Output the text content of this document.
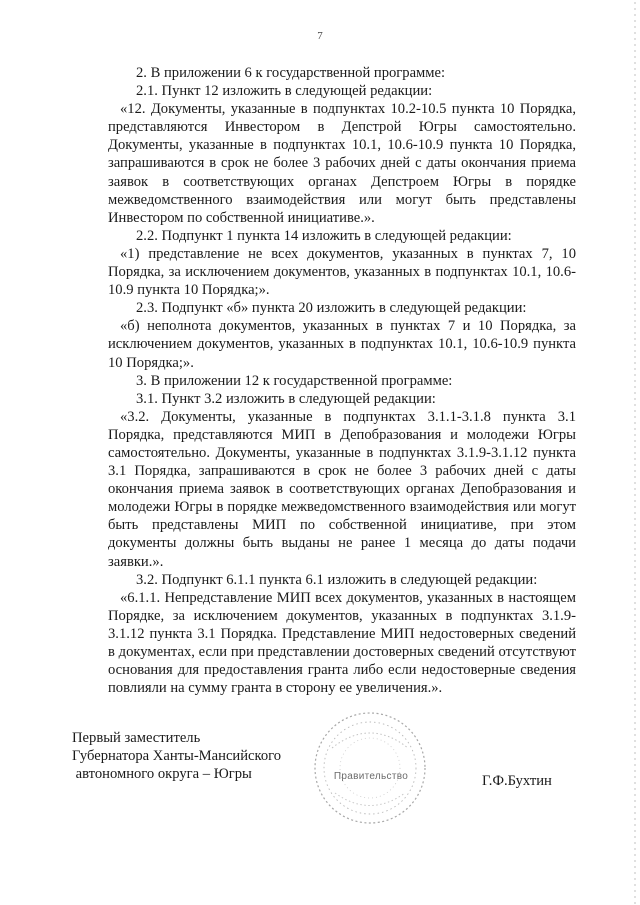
7

2. В приложении 6 к государственной программе:

2.1. Пункт 12 изложить в следующей редакции:

«12. Документы, указанные в подпунктах 10.2-10.5 пункта 10 Порядка, представляются Инвестором в Депстрой Югры самостоятельно. Документы, указанные в подпунктах 10.1, 10.6-10.9 пункта 10 Порядка, запрашиваются в срок не более 3 рабочих дней с даты окончания приема заявок в соответствующих органах Депстроем Югры в порядке межведомственного взаимодействия или могут быть представлены Инвестором по собственной инициативе.».

2.2. Подпункт 1 пункта 14 изложить в следующей редакции:

«1) представление не всех документов, указанных в пунктах 7, 10 Порядка, за исключением документов, указанных в подпунктах 10.1, 10.6-10.9 пункта 10 Порядка;».

2.3. Подпункт «б» пункта 20 изложить в следующей редакции:

«б) неполнота документов, указанных в пунктах 7 и 10 Порядка, за исключением документов, указанных в подпунктах 10.1, 10.6-10.9 пункта 10 Порядка;».

3. В приложении 12 к государственной программе:

3.1. Пункт 3.2 изложить в следующей редакции:

«3.2. Документы, указанные в подпунктах 3.1.1-3.1.8 пункта 3.1 Порядка, представляются МИП в Депобразования и молодежи Югры самостоятельно. Документы, указанные в подпунктах 3.1.9-3.1.12 пункта 3.1 Порядка, запрашиваются в срок не более 3 рабочих дней с даты окончания приема заявок в соответствующих органах Депобразования и молодежи Югры в порядке межведомственного взаимодействия или могут быть представлены МИП по собственной инициативе, при этом документы должны быть выданы не ранее 1 месяца до даты подачи заявки.».

3.2. Подпункт 6.1.1 пункта 6.1 изложить в следующей редакции:

«6.1.1. Непредставление МИП всех документов, указанных в настоящем Порядке, за исключением документов, указанных в подпунктах 3.1.9-3.1.12 пункта 3.1 Порядка. Представление МИП недостоверных сведений в документах, если при представлении достоверных сведений отсутствуют основания для предоставления гранта либо если недостоверные сведения повлияли на сумму гранта в сторону ее увеличения.».

Первый заместитель
Губернатора Ханты-Мансийского
автономного округа – Югры	Г.Ф.Бухтин
Правительство
